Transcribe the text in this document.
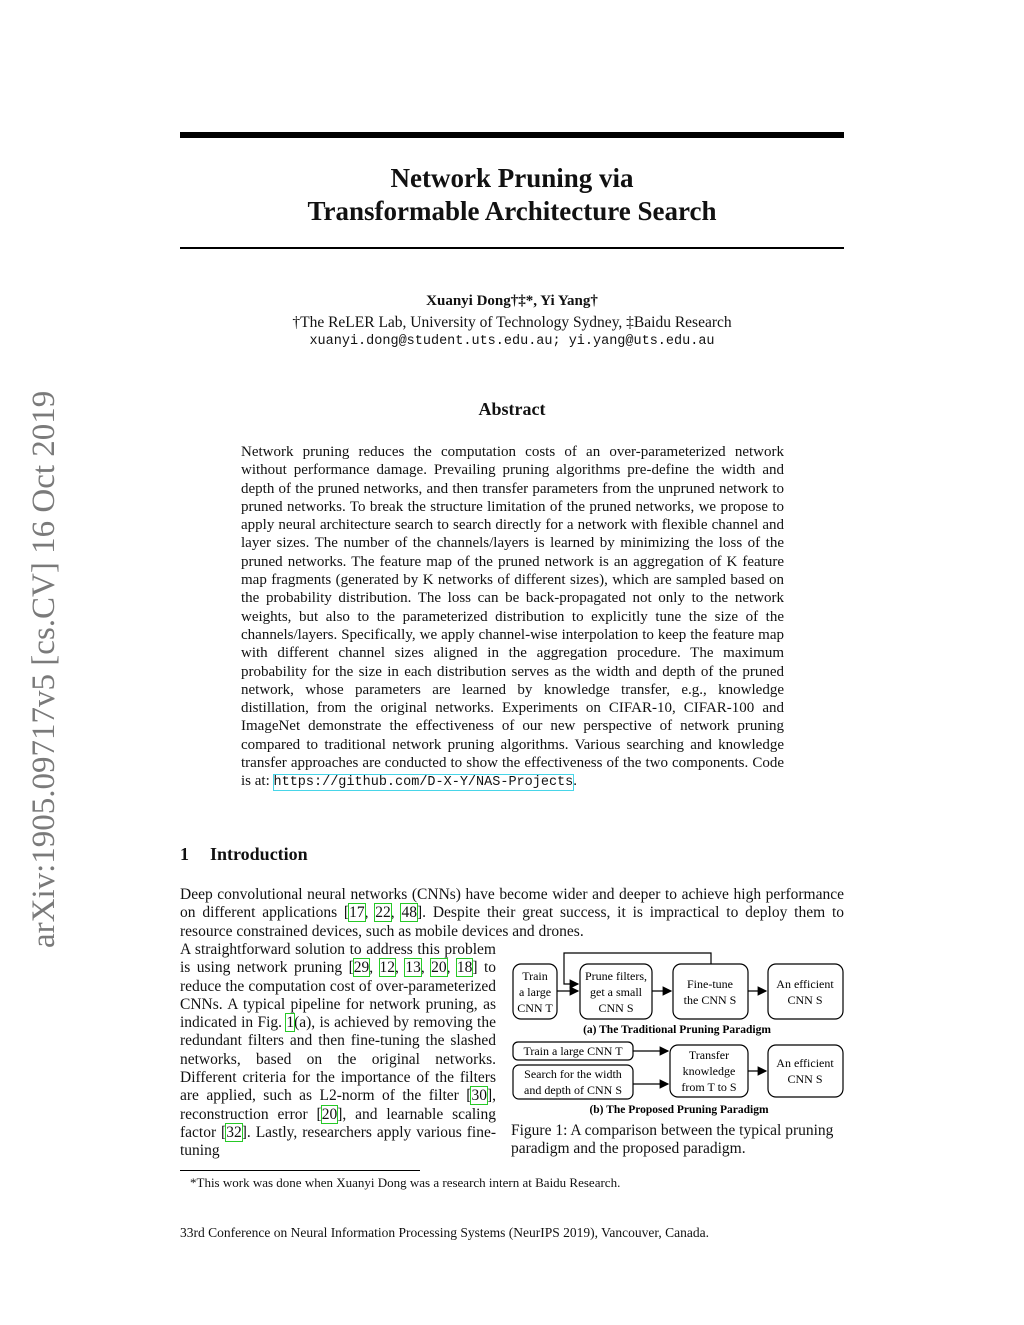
arXiv:1905.09717v5 [cs.CV] 16 Oct 2019
Network Pruning via
Transformable Architecture Search
Xuanyi Dong†‡*, Yi Yang†
†The ReLER Lab, University of Technology Sydney, ‡Baidu Research
xuanyi.dong@student.uts.edu.au; yi.yang@uts.edu.au
Abstract
Network pruning reduces the computation costs of an over-parameterized network without performance damage. Prevailing pruning algorithms pre-define the width and depth of the pruned networks, and then transfer parameters from the unpruned network to pruned networks. To break the structure limitation of the pruned networks, we propose to apply neural architecture search to search directly for a network with flexible channel and layer sizes. The number of the channels/layers is learned by minimizing the loss of the pruned networks. The feature map of the pruned network is an aggregation of K feature map fragments (generated by K networks of different sizes), which are sampled based on the probability distribution. The loss can be back-propagated not only to the network weights, but also to the parameterized distribution to explicitly tune the size of the channels/layers. Specifically, we apply channel-wise interpolation to keep the feature map with different channel sizes aligned in the aggregation procedure. The maximum probability for the size in each distribution serves as the width and depth of the pruned network, whose parameters are learned by knowledge transfer, e.g., knowledge distillation, from the original networks. Experiments on CIFAR-10, CIFAR-100 and ImageNet demonstrate the effectiveness of our new perspective of network pruning compared to traditional network pruning algorithms. Various searching and knowledge transfer approaches are conducted to show the effectiveness of the two components. Code is at: https://github.com/D-X-Y/NAS-Projects.
1 Introduction
Deep convolutional neural networks (CNNs) have become wider and deeper to achieve high performance on different applications [17, 22, 48]. Despite their great success, it is impractical to deploy them to resource constrained devices, such as mobile devices and drones.
A straightforward solution to address this problem is using network pruning [29, 12, 13, 20, 18] to reduce the computation cost of over-parameterized CNNs. A typical pipeline for network pruning, as indicated in Fig. 1(a), is achieved by removing the redundant filters and then fine-tuning the slashed networks, based on the original networks. Different criteria for the importance of the filters are applied, such as L2-norm of the filter [30], reconstruction error [20], and learnable scaling factor [32]. Lastly, researchers apply various fine-tuning
Train
a large
CNN T
Prune filters,
get a small
CNN S
Fine-tune
the CNN S
An efficient
CNN S
(a) The Traditional Pruning Paradigm
Train a large CNN T
Search for the width
and depth of CNN S
Transfer
knowledge
from T to S
An efficient
CNN S
(b) The Proposed Pruning Paradigm
Figure 1: A comparison between the typical pruning paradigm and the proposed paradigm.
*This work was done when Xuanyi Dong was a research intern at Baidu Research.
33rd Conference on Neural Information Processing Systems (NeurIPS 2019), Vancouver, Canada.
